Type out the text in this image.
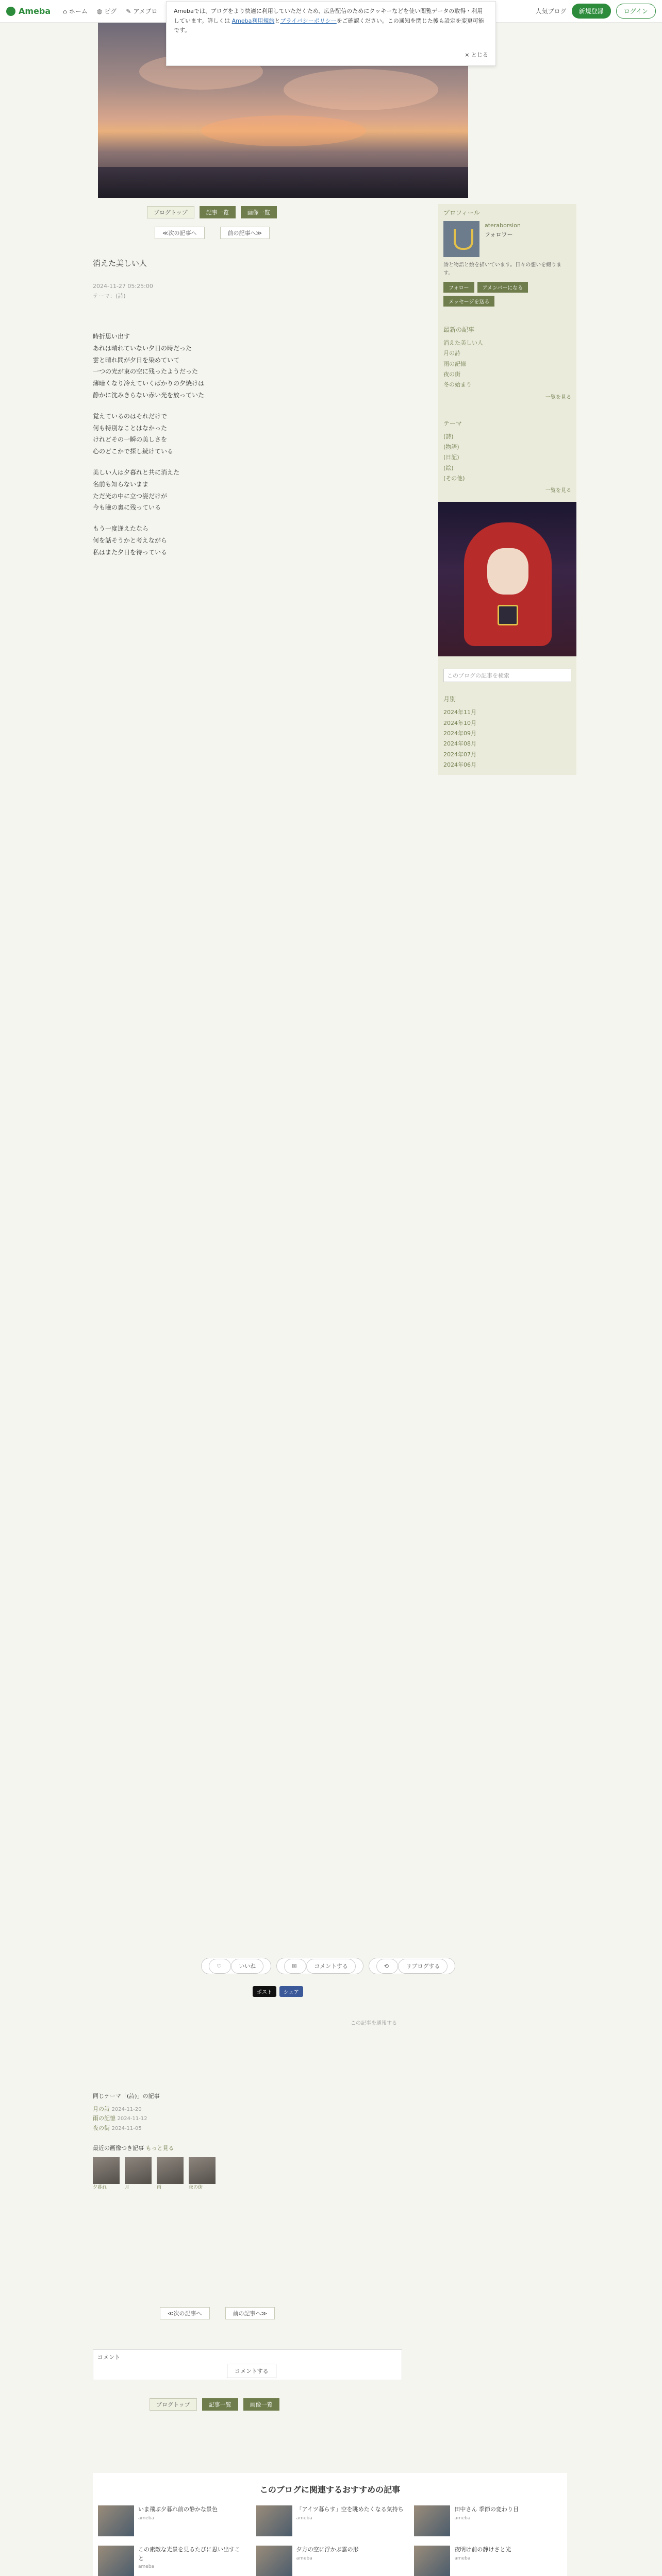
Ameba ⌂ ホーム ◍ ピグ ✎ アメブロ	人気ブログ	新規登録	ログイン
Amebaでは、ブログをより快適に利用していただくため、広告配信のためにクッキーなどを使い閲覧データの取得・利用しています。詳しくは Ameba利用規約とプライバシーポリシーをご確認ください。この通知を閉じた後も設定を変更可能です。
× とじる
ブログトップ	記事一覧	画像一覧
≪次の記事へ	前の記事へ≫
消えた美しい人
2024-11-27 05:25:00
テーマ：(詩)

時折思い出す
あれは晴れていない夕日の時だった
雲と晴れ間が夕日を染めていて
一つの光が東の空に残ったようだった
薄暗くなり冷えていくばかりの夕焼けは
静かに沈みきらない赤い光を放っていた

覚えているのはそれだけで
何も特別なことはなかった
けれどその一瞬の美しさを
心のどこかで探し続けている

美しい人は夕暮れと共に消えた
名前も知らないまま
ただ光の中に立つ姿だけが
今も瞼の裏に残っている

もう一度逢えたなら
何を話そうかと考えながら
私はまた夕日を待っている

プロフィール
ateraborsion
フォロワー
詩と物語と絵を描いています。日々の想いを綴ります。
フォロー	アメンバーになる
メッセージを送る
最新の記事
消えた美しい人
月の詩
雨の記憶
夜の街
冬の始まり
一覧を見る
テーマ
(詩)
(物語)
(日記)
(絵)
(その他)
一覧を見る
このブログの記事を検索
月別
2024年11月
2024年10月
2024年09月
2024年08月
2024年07月
2024年06月
♡	いいね	✉	コメントする	⟲	リブログする
ポスト	シェア
この記事を通報する
同じテーマ「(詩)」の記事
月の詩 2024-11-20
雨の記憶 2024-11-12
夜の街 2024-11-05
最近の画像つき記事 もっと見る

夕暮れ	月	雨	夜の街

≪次の記事へ	前の記事へ≫
コメント
コメントする
ブログトップ	記事一覧	画像一覧
このブログに関連するおすすめの記事
いま飛ぶ夕暮れ前の静かな景色
ameba
「アイツ暮らす」空を眺めたくなる気持ち
ameba
田中さん 季節の変わり目
ameba
この素敵な光景を見るたびに思い出すこと
ameba
夕方の空に浮かぶ雲の形
ameba
夜明け前の静けさと光
ameba
